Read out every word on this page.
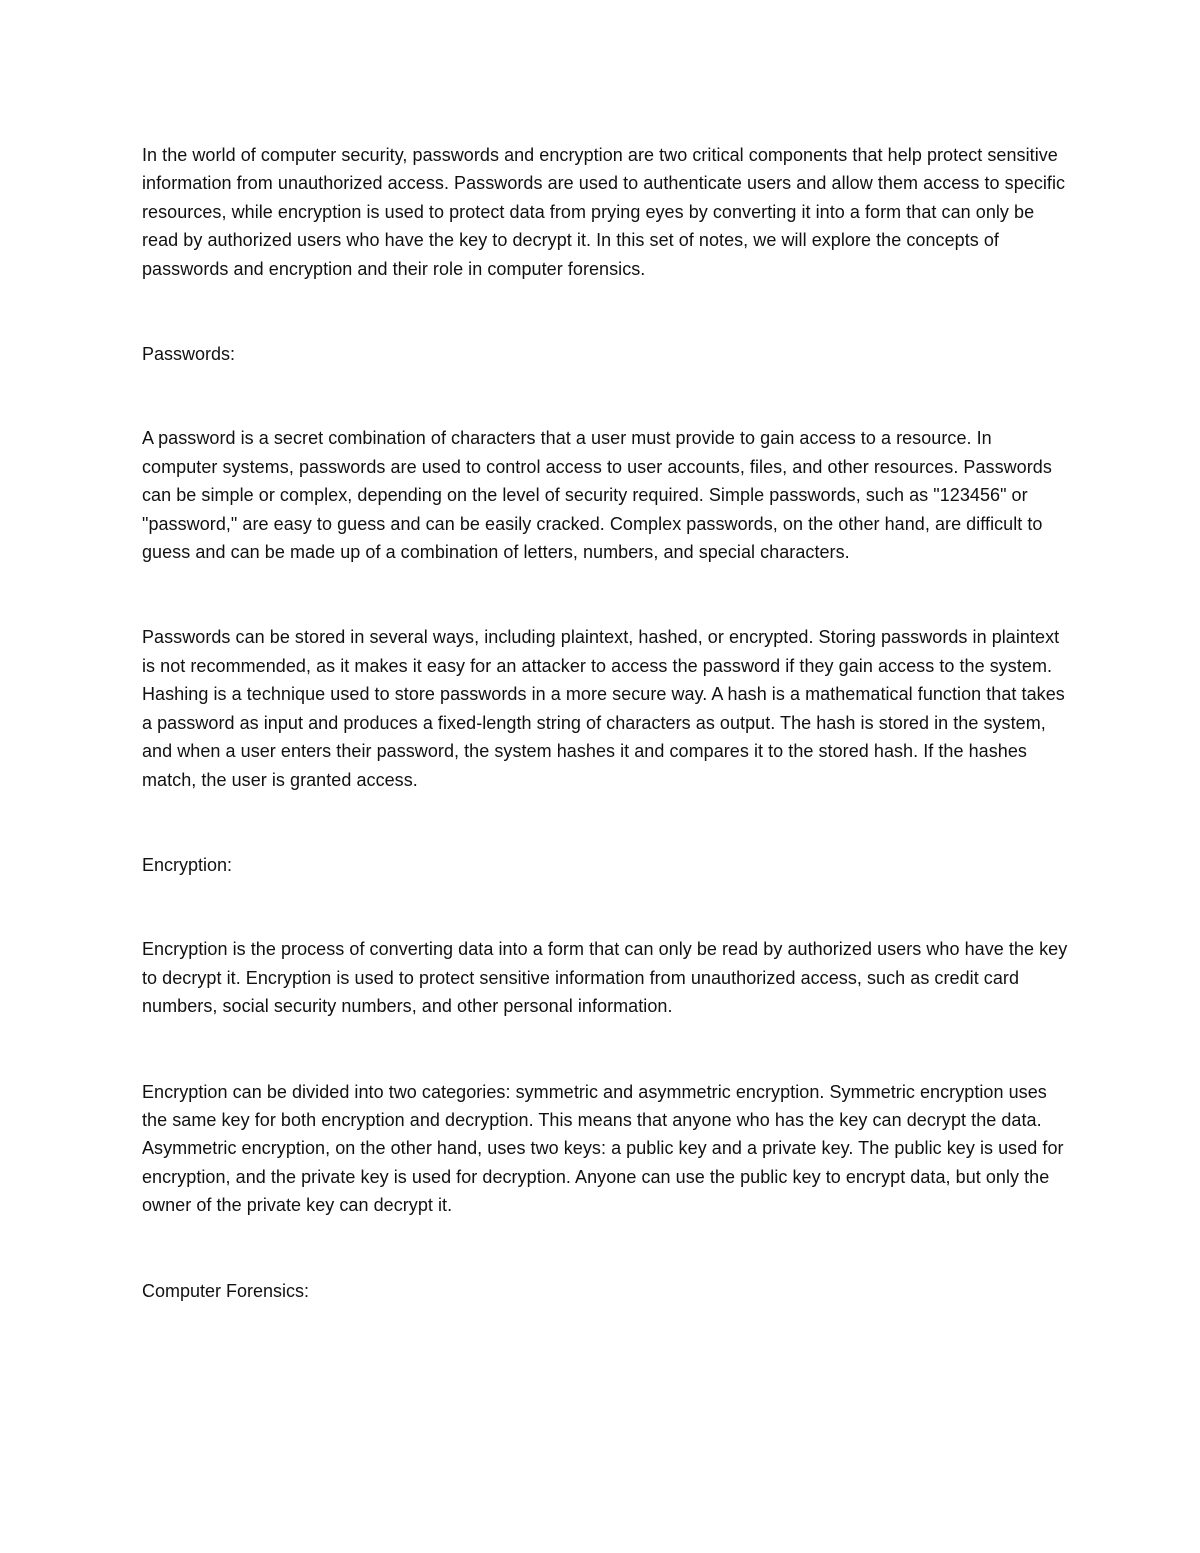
In the world of computer security, passwords and encryption are two critical components that help protect sensitive information from unauthorized access. Passwords are used to authenticate users and allow them access to specific resources, while encryption is used to protect data from prying eyes by converting it into a form that can only be read by authorized users who have the key to decrypt it. In this set of notes, we will explore the concepts of passwords and encryption and their role in computer forensics.

Passwords:

A password is a secret combination of characters that a user must provide to gain access to a resource. In computer systems, passwords are used to control access to user accounts, files, and other resources. Passwords can be simple or complex, depending on the level of security required. Simple passwords, such as "123456" or "password," are easy to guess and can be easily cracked. Complex passwords, on the other hand, are difficult to guess and can be made up of a combination of letters, numbers, and special characters.

Passwords can be stored in several ways, including plaintext, hashed, or encrypted. Storing passwords in plaintext is not recommended, as it makes it easy for an attacker to access the password if they gain access to the system. Hashing is a technique used to store passwords in a more secure way. A hash is a mathematical function that takes a password as input and produces a fixed-length string of characters as output. The hash is stored in the system, and when a user enters their password, the system hashes it and compares it to the stored hash. If the hashes match, the user is granted access.

Encryption:

Encryption is the process of converting data into a form that can only be read by authorized users who have the key to decrypt it. Encryption is used to protect sensitive information from unauthorized access, such as credit card numbers, social security numbers, and other personal information.

Encryption can be divided into two categories: symmetric and asymmetric encryption. Symmetric encryption uses the same key for both encryption and decryption. This means that anyone who has the key can decrypt the data. Asymmetric encryption, on the other hand, uses two keys: a public key and a private key. The public key is used for encryption, and the private key is used for decryption. Anyone can use the public key to encrypt data, but only the owner of the private key can decrypt it.

Computer Forensics:
